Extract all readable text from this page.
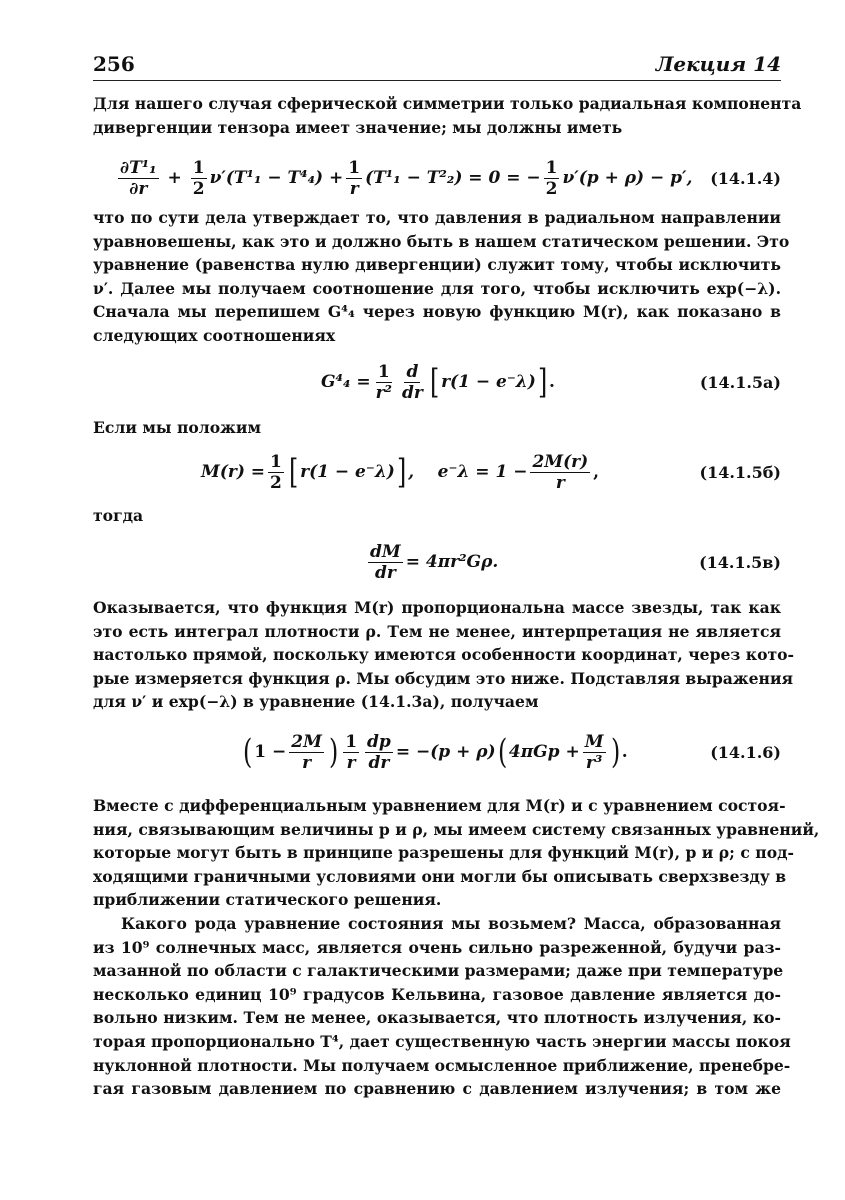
256	Лекция 14
Для нашего случая сферической симметрии только радиальная компонента
дивергенции тензора имеет значение; мы должны иметь
$\frac{\text{∂T¹₁}}{\partial r} + \frac{1}{2} \nu'(T^1_1 - T^4_4) + \frac{1}{r} (T^1_1 - T^2_2) = 0$ = − $\frac{1}{2} \nu'(p + \rho) - p'$, (14.1.4)
что по сути дела утверждает то, что давления в радиальном направлении
уравновешены, как это и должно быть в нашем статическом решении. Это
уравнение (равенства нулю дивергенции) служит тому, чтобы исключить
ν′. Далее мы получаем соотношение для того, чтобы исключить exp(−λ).
Сначала мы перепишем G⁴₄ через новую функцию M(r), как показано в
следующих соотношениях
$G^4_4 = \frac{1}{\text{r²}} \frac{d}{dr}$ [ r(1 − e⁻λ) ] .	(14.1.5а)
Если мы положим
$M(r) = \frac{1}{2}$ [ r(1 − e⁻λ) ] ,    $e^-\lambda = 1 - \frac{2M(r)}{r}$ ,	(14.1.5б)
тогда
$\frac{dM}{dr} = 4\pi r^2G\rho$.	(14.1.5в)
Оказывается, что функция M(r) пропорциональна массе звезды, так как
это есть интеграл плотности ρ. Тем не менее, интерпретация не является
настолько прямой, поскольку имеются особенности координат, через кото-
рые измеряется функция ρ. Мы обсудим это ниже. Подставляя выражения
для ν′ и exp(−λ) в уравнение (14.1.3а), получаем
( $1 - \frac{2M}{r}$ ) $\frac{1}{r} \frac{dp}{dr} = -(p + \rho)$ ( $4\pi Gp + \frac{M}{\text{r³}}$ ) .	(14.1.6)
Вместе с дифференциальным уравнением для M(r) и с уравнением состоя-
ния, связывающим величины p и ρ, мы имеем систему связанных уравнений,
которые могут быть в принципе разрешены для функций M(r), p и ρ; с под-
ходящими граничными условиями они могли бы описывать сверхзвезду в
приближении статического решения.
Какого рода уравнение состояния мы возьмем? Масса, образованная
из 10⁹ солнечных масс, является очень сильно разреженной, будучи раз-
мазанной по области с галактическими размерами; даже при температуре
несколько единиц 10⁹ градусов Кельвина, газовое давление является до-
вольно низким. Тем не менее, оказывается, что плотность излучения, ко-
торая пропорционально T⁴, дает существенную часть энергии массы покоя
нуклонной плотности. Мы получаем осмысленное приближение, пренебре-
гая газовым давлением по сравнению с давлением излучения; в том же
